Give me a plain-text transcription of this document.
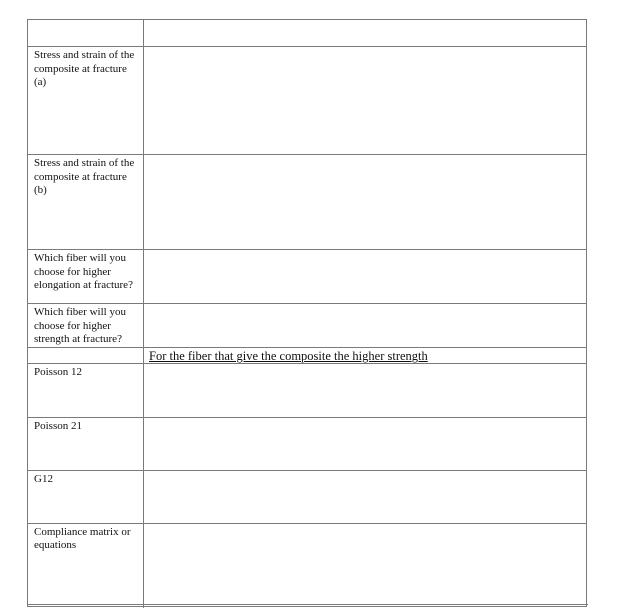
Stress and strain of the composite at fracture (a)	
Stress and strain of the composite at fracture (b)	
Which fiber will you choose for higher elongation at fracture?	
Which fiber will you choose for higher strength at fracture?	
	For the fiber that give the composite the higher strength
Poisson 12	
Poisson 21	
G12	
Compliance matrix or equations	
